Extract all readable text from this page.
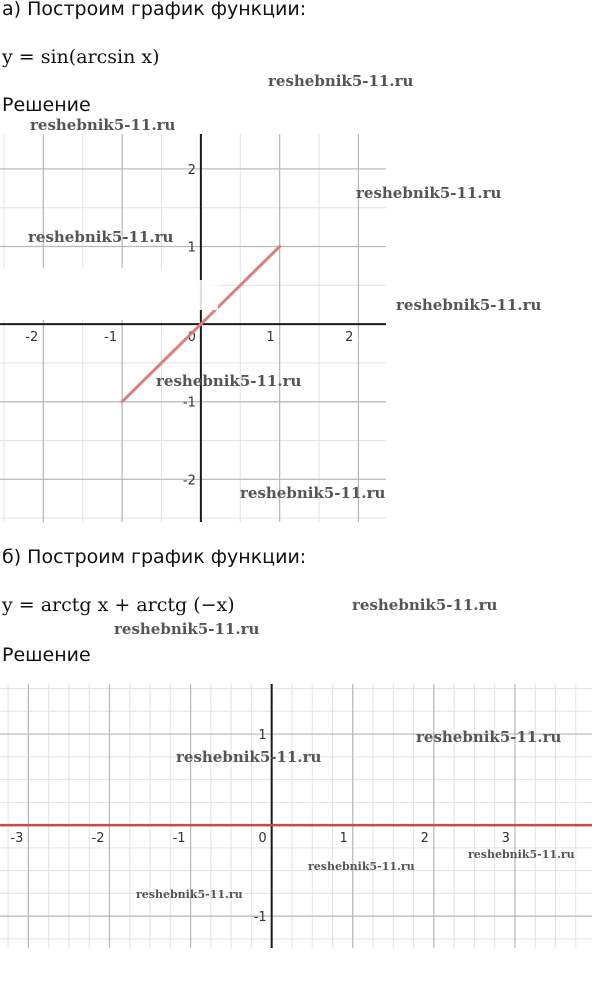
а) Построим график функции:
y = sin(arcsin x)
Решение
-2	-1	0	1	2
-2
-1
1
2
б) Построим график функции:
y = arctg x + arctg (−x)
Решение
-3	-2	-1	0	1	2	3
-1
1
reshebnik5-11.ru
reshebnik5-11.ru
reshebnik5-11.ru
reshebnik5-11.ru
reshebnik5-11.ru
reshebnik5-11.ru
reshebnik5-11.ru
reshebnik5-11.ru
reshebnik5-11.ru
reshebnik5-11.ru
reshebnik5-11.ru
reshebnik5-11.ru
reshebnik5-11.ru
reshebnik5-11.ru
